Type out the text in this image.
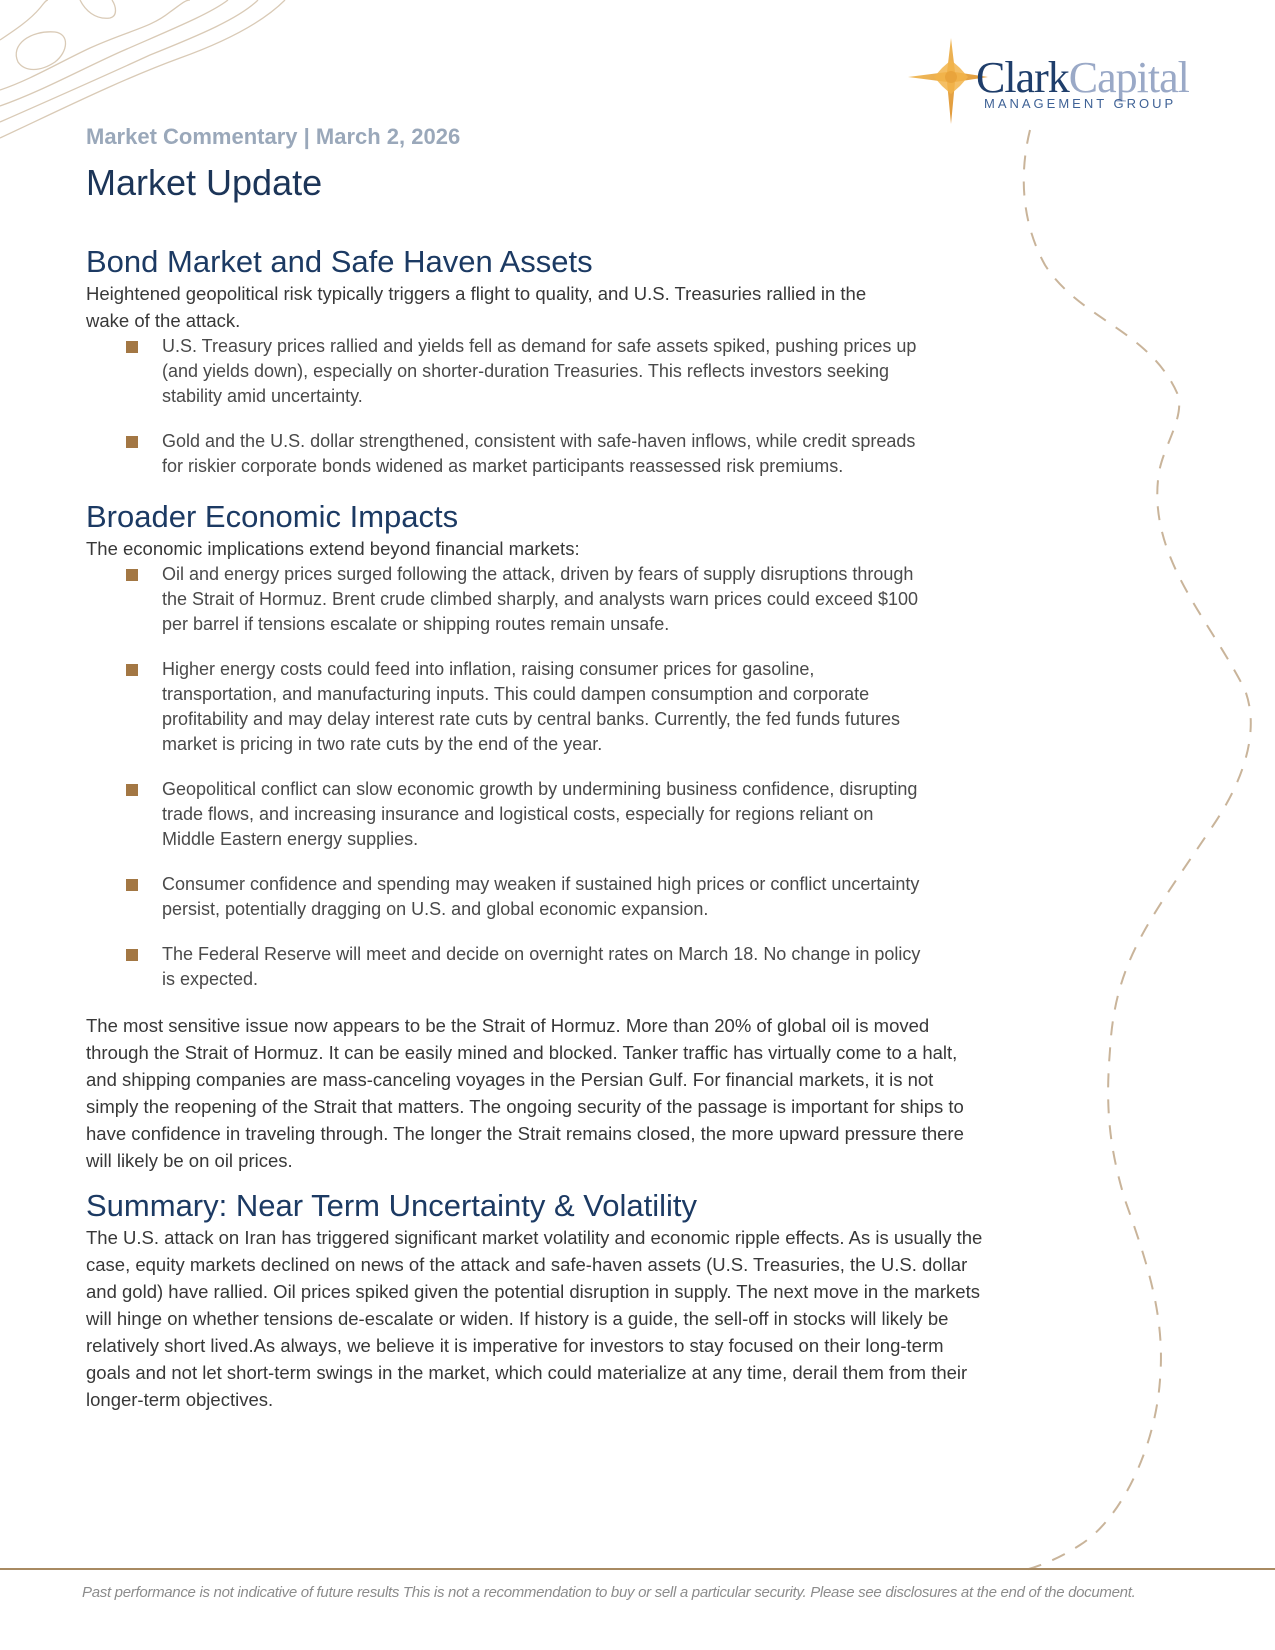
ClarkCapital
MANAGEMENT GROUP
Market Commentary | March 2, 2026
Market Update
Bond Market and Safe Haven Assets

Heightened geopolitical risk typically triggers a flight to quality, and U.S. Treasuries rallied in the wake of the attack.

U.S. Treasury prices rallied and yields fell as demand for safe assets spiked, pushing prices up (and yields down), especially on shorter-duration Treasuries. This reflects investors seeking stability amid uncertainty.
Gold and the U.S. dollar strengthened, consistent with safe-haven inflows, while credit spreads for riskier corporate bonds widened as market participants reassessed risk premiums.
Broader Economic Impacts

The economic implications extend beyond financial markets:

Oil and energy prices surged following the attack, driven by fears of supply disruptions through the Strait of Hormuz. Brent crude climbed sharply, and analysts warn prices could exceed $100 per barrel if tensions escalate or shipping routes remain unsafe.
Higher energy costs could feed into inflation, raising consumer prices for gasoline, transportation, and manufacturing inputs. This could dampen consumption and corporate profitability and may delay interest rate cuts by central banks. Currently, the fed funds futures market is pricing in two rate cuts by the end of the year.
Geopolitical conflict can slow economic growth by undermining business confidence, disrupting trade flows, and increasing insurance and logistical costs, especially for regions reliant on Middle Eastern energy supplies.
Consumer confidence and spending may weaken if sustained high prices or conflict uncertainty persist, potentially dragging on U.S. and global economic expansion.
The Federal Reserve will meet and decide on overnight rates on March 18. No change in policy is expected.

The most sensitive issue now appears to be the Strait of Hormuz. More than 20% of global oil is moved through the Strait of Hormuz. It can be easily mined and blocked. Tanker traffic has virtually come to a halt, and shipping companies are mass-canceling voyages in the Persian Gulf. For financial markets, it is not simply the reopening of the Strait that matters. The ongoing security of the passage is important for ships to have confidence in traveling through. The longer the Strait remains closed, the more upward pressure there will likely be on oil prices.

Summary: Near Term Uncertainty & Volatility

The U.S. attack on Iran has triggered significant market volatility and economic ripple effects. As is usually the case, equity markets declined on news of the attack and safe-haven assets (U.S. Treasuries, the U.S. dollar and gold) have rallied. Oil prices spiked given the potential disruption in supply. The next move in the markets will hinge on whether tensions de-escalate or widen. If history is a guide, the sell-off in stocks will likely be relatively short lived.As always, we believe it is imperative for investors to stay focused on their long-term goals and not let short-term swings in the market, which could materialize at any time, derail them from their longer-term objectives.

Past performance is not indicative of future results This is not a recommendation to buy or sell a particular security. Please see disclosures at the end of the document.
